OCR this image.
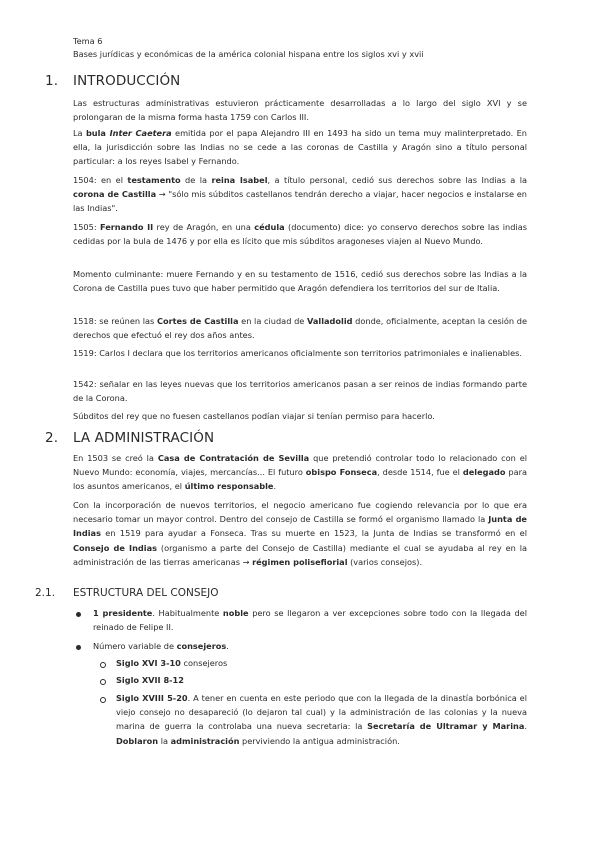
Tema 6
Bases jurídicas y económicas de la américa colonial hispana entre los siglos xvi y xvii
1. INTRODUCCIÓN
Las estructuras administrativas estuvieron prácticamente desarrolladas a lo largo del siglo XVI y se prolongaran de la misma forma hasta 1759 con Carlos III.
La bula Inter Caetera emitida por el papa Alejandro III en 1493 ha sido un tema muy malinterpretado. En ella, la jurisdicción sobre las Indias no se cede a las coronas de Castilla y Aragón sino a título personal particular: a los reyes Isabel y Fernando.
1504: en el testamento de la reina Isabel, a título personal, cedió sus derechos sobre las Indias a la corona de Castilla → "sólo mis súbditos castellanos tendrán derecho a viajar, hacer negocios e instalarse en las Indias".
1505: Fernando II rey de Aragón, en una cédula (documento) dice: yo conservo derechos sobre las indias cedidas por la bula de 1476 y por ella es lícito que mis súbditos aragoneses viajen al Nuevo Mundo.
Momento culminante: muere Fernando y en su testamento de 1516, cedió sus derechos sobre las Indias a la Corona de Castilla pues tuvo que haber permitido que Aragón defendiera los territorios del sur de Italia.
1518: se reúnen las Cortes de Castilla en la ciudad de Valladolid donde, oficialmente, aceptan la cesión de derechos que efectuó el rey dos años antes.
1519: Carlos I declara que los territorios americanos oficialmente son territorios patrimoniales e inalienables.
1542: señalar en las leyes nuevas que los territorios americanos pasan a ser reinos de indias formando parte de la Corona.
Súbditos del rey que no fuesen castellanos podían viajar si tenían permiso para hacerlo.
2. LA ADMINISTRACIÓN
En 1503 se creó la Casa de Contratación de Sevilla que pretendió controlar todo lo relacionado con el Nuevo Mundo: economía, viajes, mercancías... El futuro obispo Fonseca, desde 1514, fue el delegado para los asuntos americanos, el último responsable.
Con la incorporación de nuevos territorios, el negocio americano fue cogiendo relevancia por lo que era necesario tomar un mayor control. Dentro del consejo de Castilla se formó el organismo llamado la Junta de Indias en 1519 para ayudar a Fonseca. Tras su muerte en 1523, la Junta de Indias se transformó en el Consejo de Indias (organismo a parte del Consejo de Castilla) mediante el cual se ayudaba al rey en la administración de las tierras americanas → régimen polisefiorial (varios consejos).
2.1. ESTRUCTURA DEL CONSEJO
1 presidente. Habitualmente noble pero se llegaron a ver excepciones sobre todo con la llegada del reinado de Felipe II.
Número variable de consejeros.
Siglo XVI 3-10 consejeros
Siglo XVII 8-12
Siglo XVIII 5-20. A tener en cuenta en este periodo que con la llegada de la dinastía borbónica el viejo consejo no desapareció (lo dejaron tal cual) y la administración de las colonias y la nueva marina de guerra la controlaba una nueva secretaria: la Secretaría de Ultramar y Marina. Doblaron la administración perviviendo la antigua administración.
